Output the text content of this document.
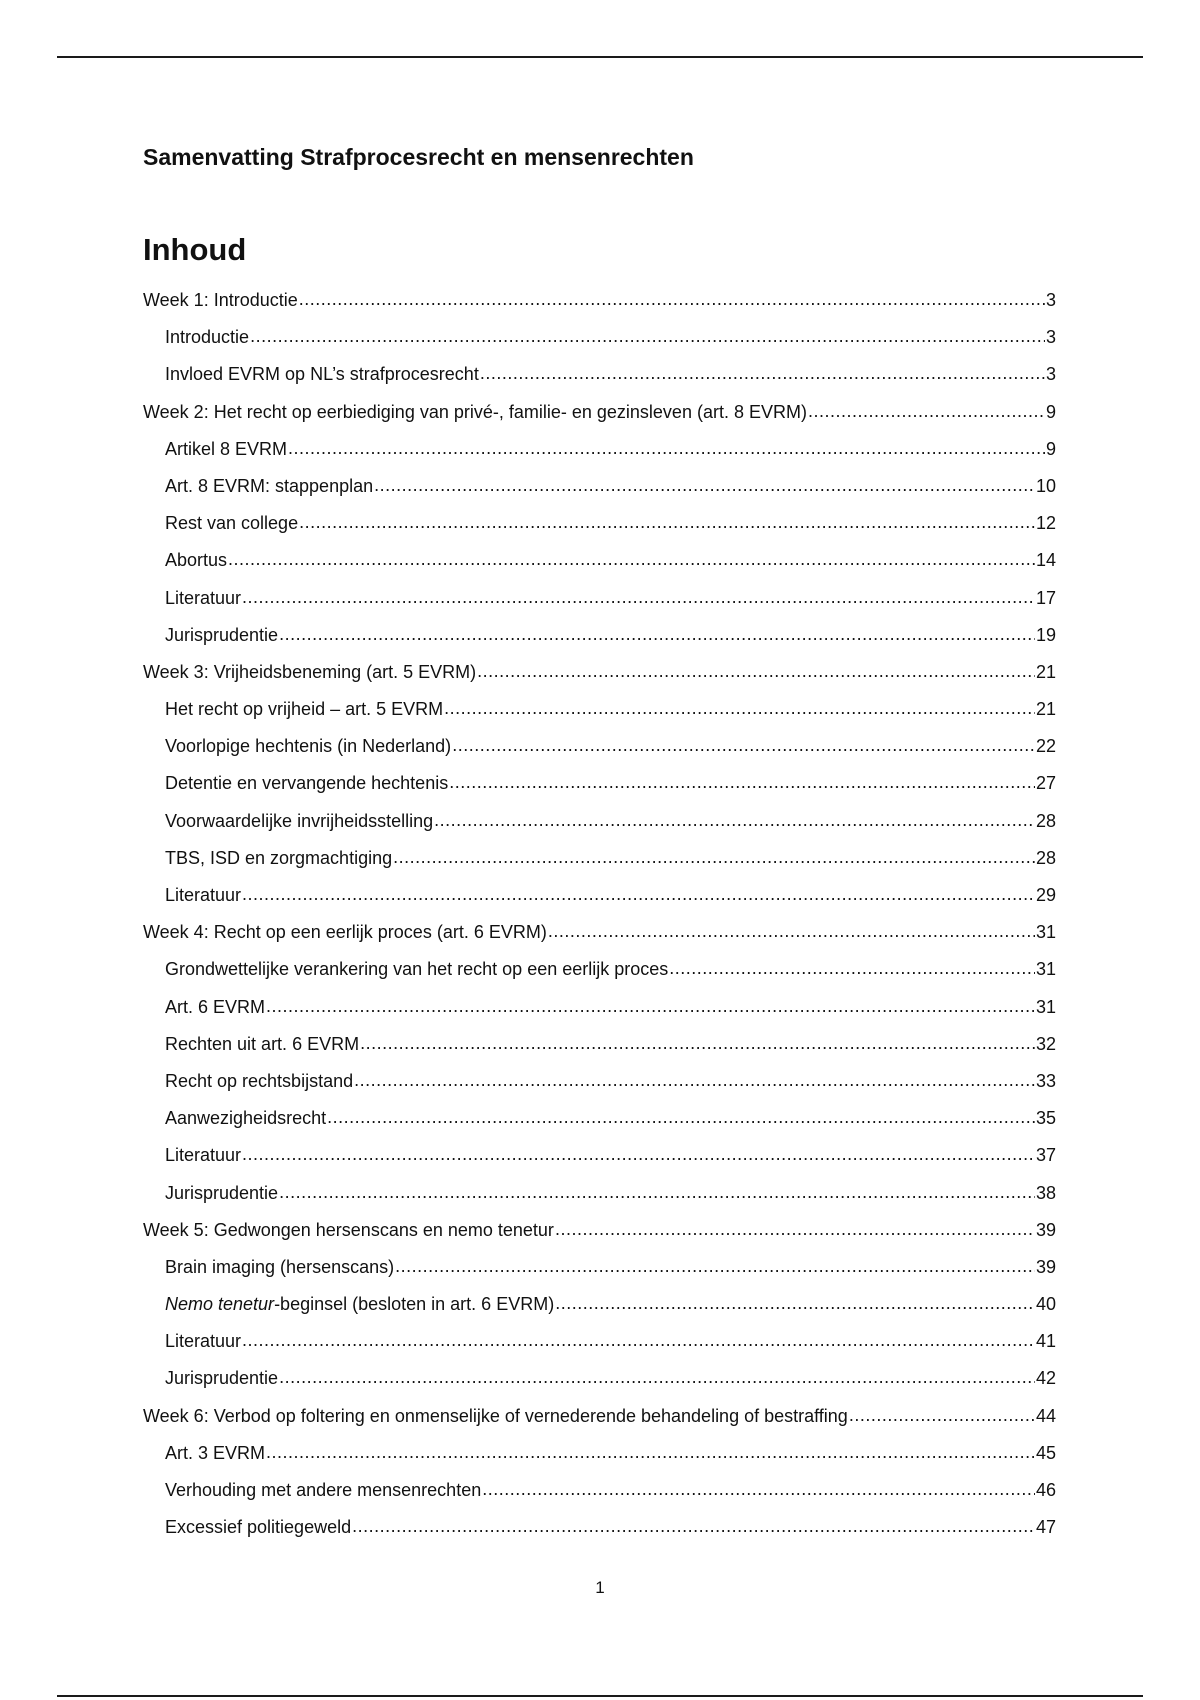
Samenvatting Strafprocesrecht en mensenrechten
Inhoud
Week 1: Introductie .....	3
Introductie .....	3
Invloed EVRM op NL’s strafprocesrecht .....	3
Week 2: Het recht op eerbiediging van privé-, familie- en gezinsleven (art. 8 EVRM) .....	9
Artikel 8 EVRM .....	9
Art. 8 EVRM: stappenplan .....	10
Rest van college .....	12
Abortus .....	14
Literatuur .....	17
Jurisprudentie .....	19
Week 3: Vrijheidsbeneming (art. 5 EVRM) .....	21
Het recht op vrijheid – art. 5 EVRM .....	21
Voorlopige hechtenis (in Nederland) .....	22
Detentie en vervangende hechtenis .....	27
Voorwaardelijke invrijheidsstelling .....	28
TBS, ISD en zorgmachtiging .....	28
Literatuur .....	29
Week 4: Recht op een eerlijk proces (art. 6 EVRM) .....	31
Grondwettelijke verankering van het recht op een eerlijk proces .....	31
Art. 6 EVRM .....	31
Rechten uit art. 6 EVRM .....	32
Recht op rechtsbijstand .....	33
Aanwezigheidsrecht .....	35
Literatuur .....	37
Jurisprudentie .....	38
Week 5: Gedwongen hersenscans en nemo tenetur .....	39
Brain imaging (hersenscans) .....	39
Nemo tenetur-beginsel (besloten in art. 6 EVRM) .....	40
Literatuur .....	41
Jurisprudentie .....	42
Week 6: Verbod op foltering en onmenselijke of vernederende behandeling of bestraffing .....	44
Art. 3 EVRM .....	45
Verhouding met andere mensenrechten .....	46
Excessief politiegeweld .....	47
1
